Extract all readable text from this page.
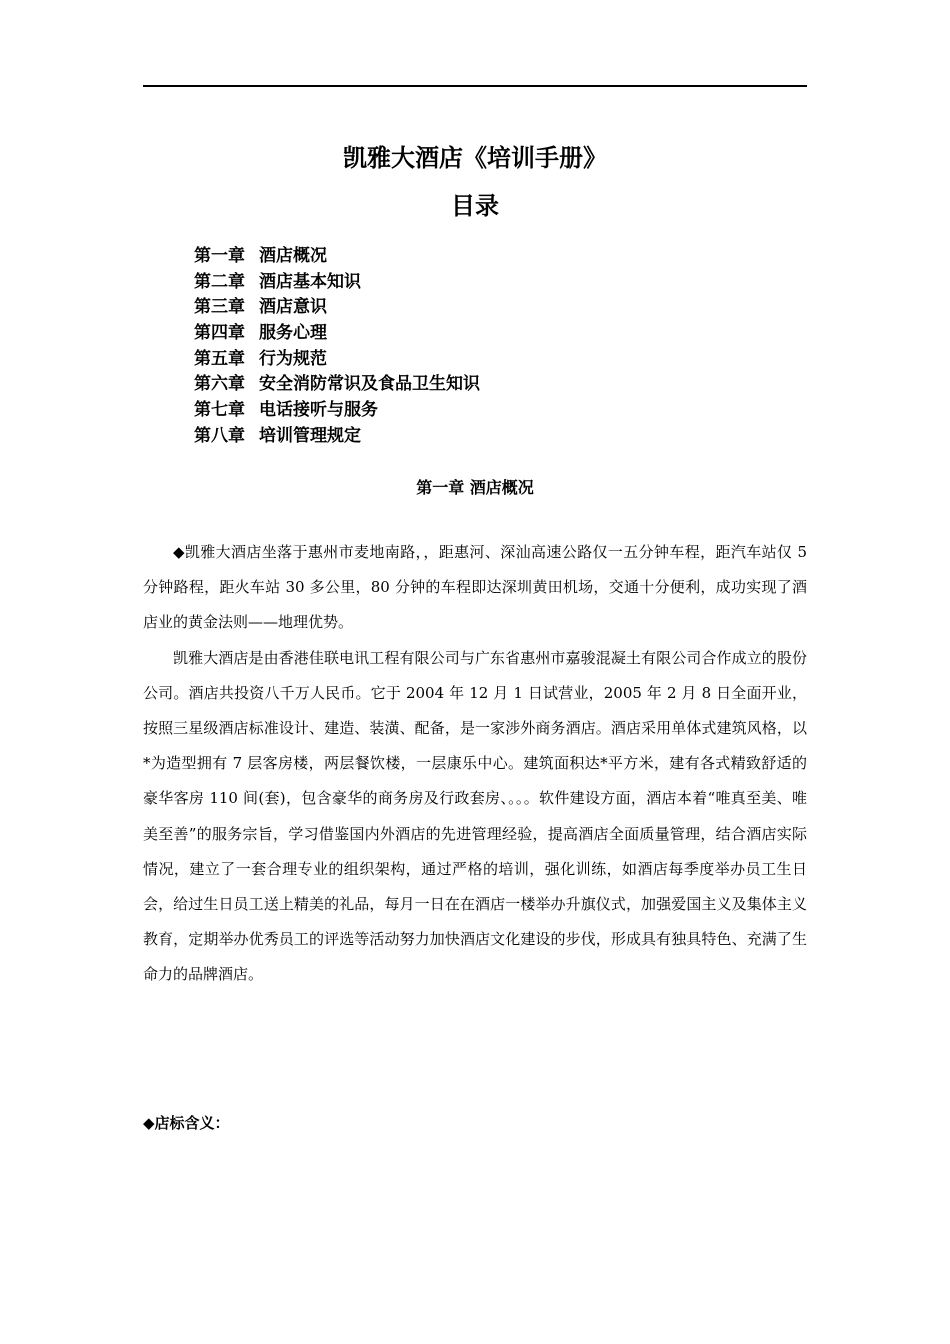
凯雅大酒店《培训手册》
目录
第一章 酒店概况
第二章 酒店基本知识
第三章 酒店意识
第四章 服务心理
第五章 行为规范
第六章 安全消防常识及食品卫生知识
第七章 电话接听与服务
第八章 培训管理规定
第一章 酒店概况

◆凯雅大酒店坐落于惠州市麦地南路，，距惠河、深汕高速公路仅一五分钟车程，距汽车站仅 5 分钟路程，距火车站 30 多公里，80 分钟的车程即达深圳黄田机场，交通十分便利，成功实现了酒店业的黄金法则——地理优势。

凯雅大酒店是由香港佳联电讯工程有限公司与广东省惠州市嘉骏混凝土有限公司合作成立的股份公司。酒店共投资八千万人民币。它于 2004 年 12 月 1 日试营业，2005 年 2 月 8 日全面开业，按照三星级酒店标准设计、建造、装潢、配备，是一家涉外商务酒店。酒店采用单体式建筑风格，以*为造型拥有 7 层客房楼，两层餐饮楼，一层康乐中心。建筑面积达*平方米，建有各式精致舒适的豪华客房 110 间(套)，包含豪华的商务房及行政套房、。。。软件建设方面，酒店本着“唯真至美、唯美至善”的服务宗旨，学习借鉴国内外酒店的先进管理经验，提高酒店全面质量管理，结合酒店实际情况，建立了一套合理专业的组织架构，通过严格的培训，强化训练，如酒店每季度举办员工生日会，给过生日员工送上精美的礼品，每月一日在在酒店一楼举办升旗仪式，加强爱国主义及集体主义教育，定期举办优秀员工的评选等活动努力加快酒店文化建设的步伐，形成具有独具特色、充满了生命力的品牌酒店。

◆店标含义：
